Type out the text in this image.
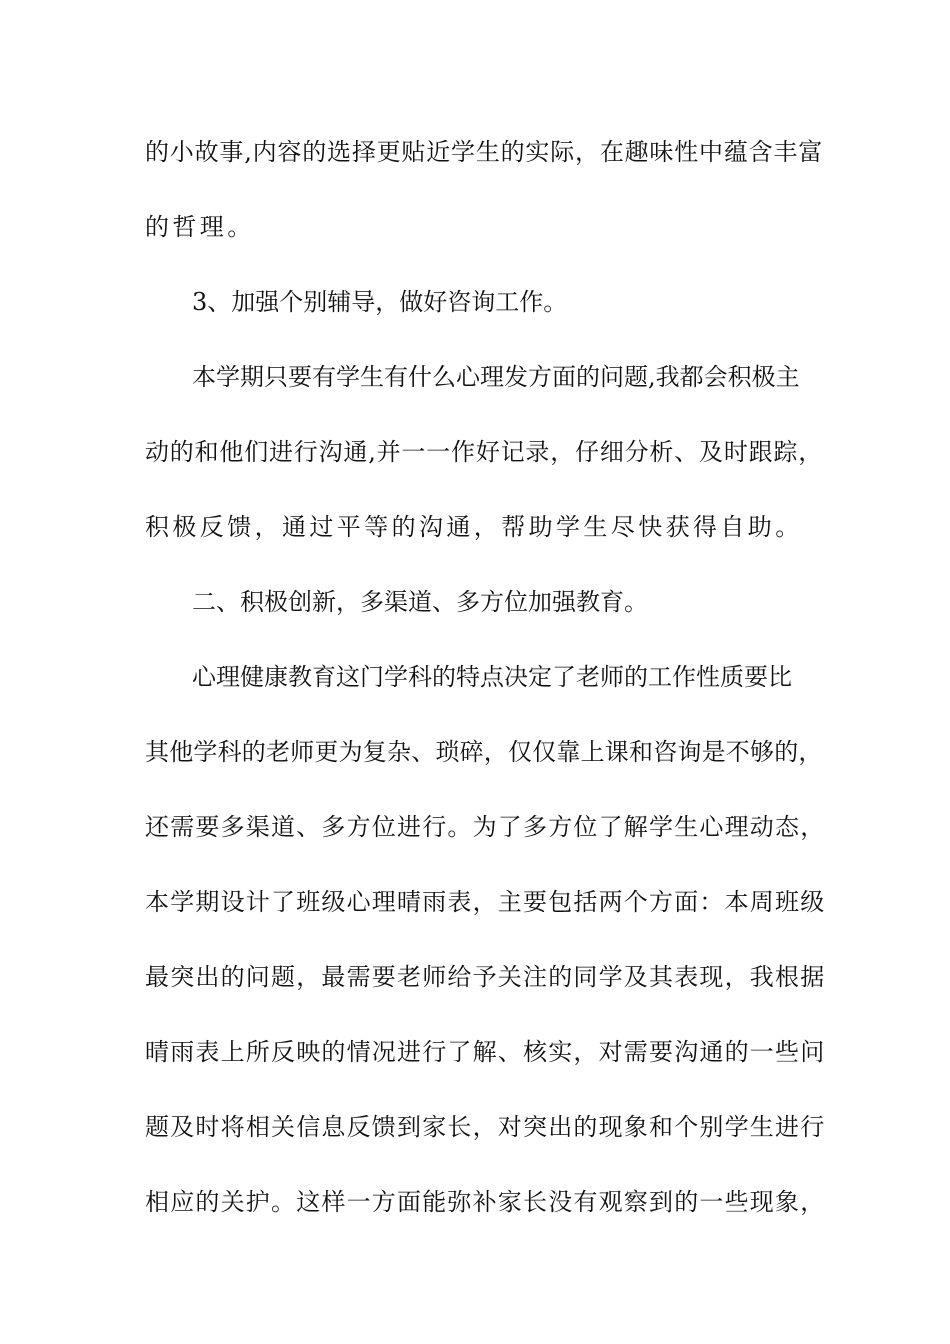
的小故事,内容的选择更贴近学生的实际，在趣味性中蕴含丰富
的哲理。
3、加强个别辅导，做好咨询工作。
本学期只要有学生有什么心理发方面的问题,我都会积极主
动的和他们进行沟通,并一一作好记录，仔细分析、及时跟踪，
积极反馈，通过平等的沟通，帮助学生尽快获得自助。
二、积极创新，多渠道、多方位加强教育。
心理健康教育这门学科的特点决定了老师的工作性质要比
其他学科的老师更为复杂、琐碎，仅仅靠上课和咨询是不够的，
还需要多渠道、多方位进行。为了多方位了解学生心理动态，
本学期设计了班级心理晴雨表，主要包括两个方面：本周班级
最突出的问题，最需要老师给予关注的同学及其表现，我根据
晴雨表上所反映的情况进行了解、核实，对需要沟通的一些问
题及时将相关信息反馈到家长，对突出的现象和个别学生进行
相应的关护。这样一方面能弥补家长没有观察到的一些现象，
